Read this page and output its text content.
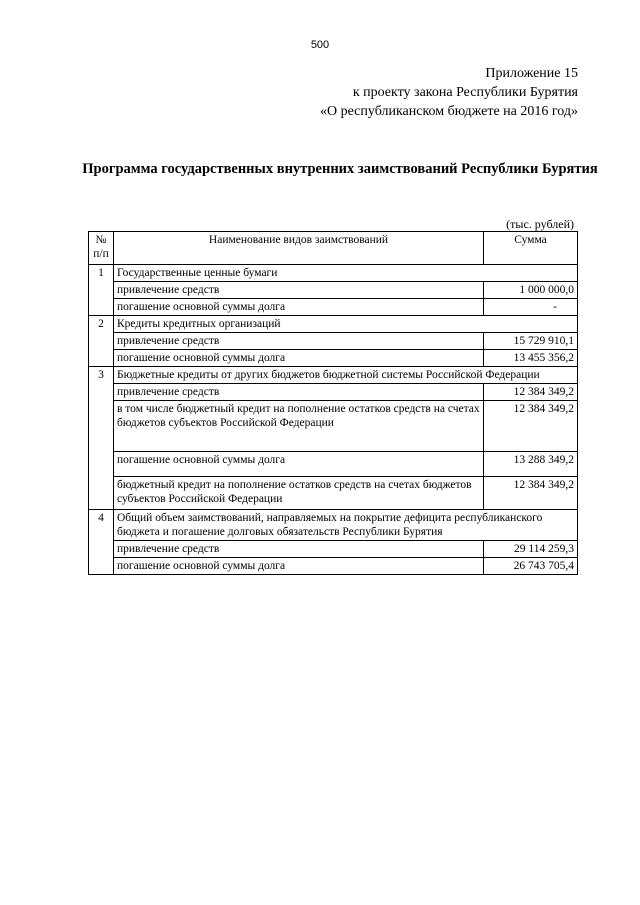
500
Приложение 15
к проекту закона Республики Бурятия
«О республиканском бюджете на 2016 год»
Программа государственных внутренних заимствований Республики Бурятия
(тыс. рублей)
№ п/п	Наименование видов заимствований	Сумма
1	Государственные ценные бумаги	
	привлечение средств	1 000 000,0
	погашение основной суммы долга	-
2	Кредиты кредитных организаций	
	привлечение средств	15 729 910,1
	погашение основной суммы долга	13 455 356,2
3	Бюджетные кредиты от других бюджетов бюджетной системы Российской Федерации	
	привлечение средств	12 384 349,2
	в том числе бюджетный кредит на пополнение остатков средств на счетах бюджетов субъектов Российской Федерации	12 384 349,2
	погашение основной суммы долга	13 288 349,2
	бюджетный кредит на пополнение остатков средств на счетах бюджетов субъектов Российской Федерации	12 384 349,2
4	Общий объем заимствований, направляемых на покрытие дефицита республиканского бюджета и погашение долговых обязательств Республики Бурятия	
	привлечение средств	29 114 259,3
	погашение основной суммы долга	26 743 705,4
